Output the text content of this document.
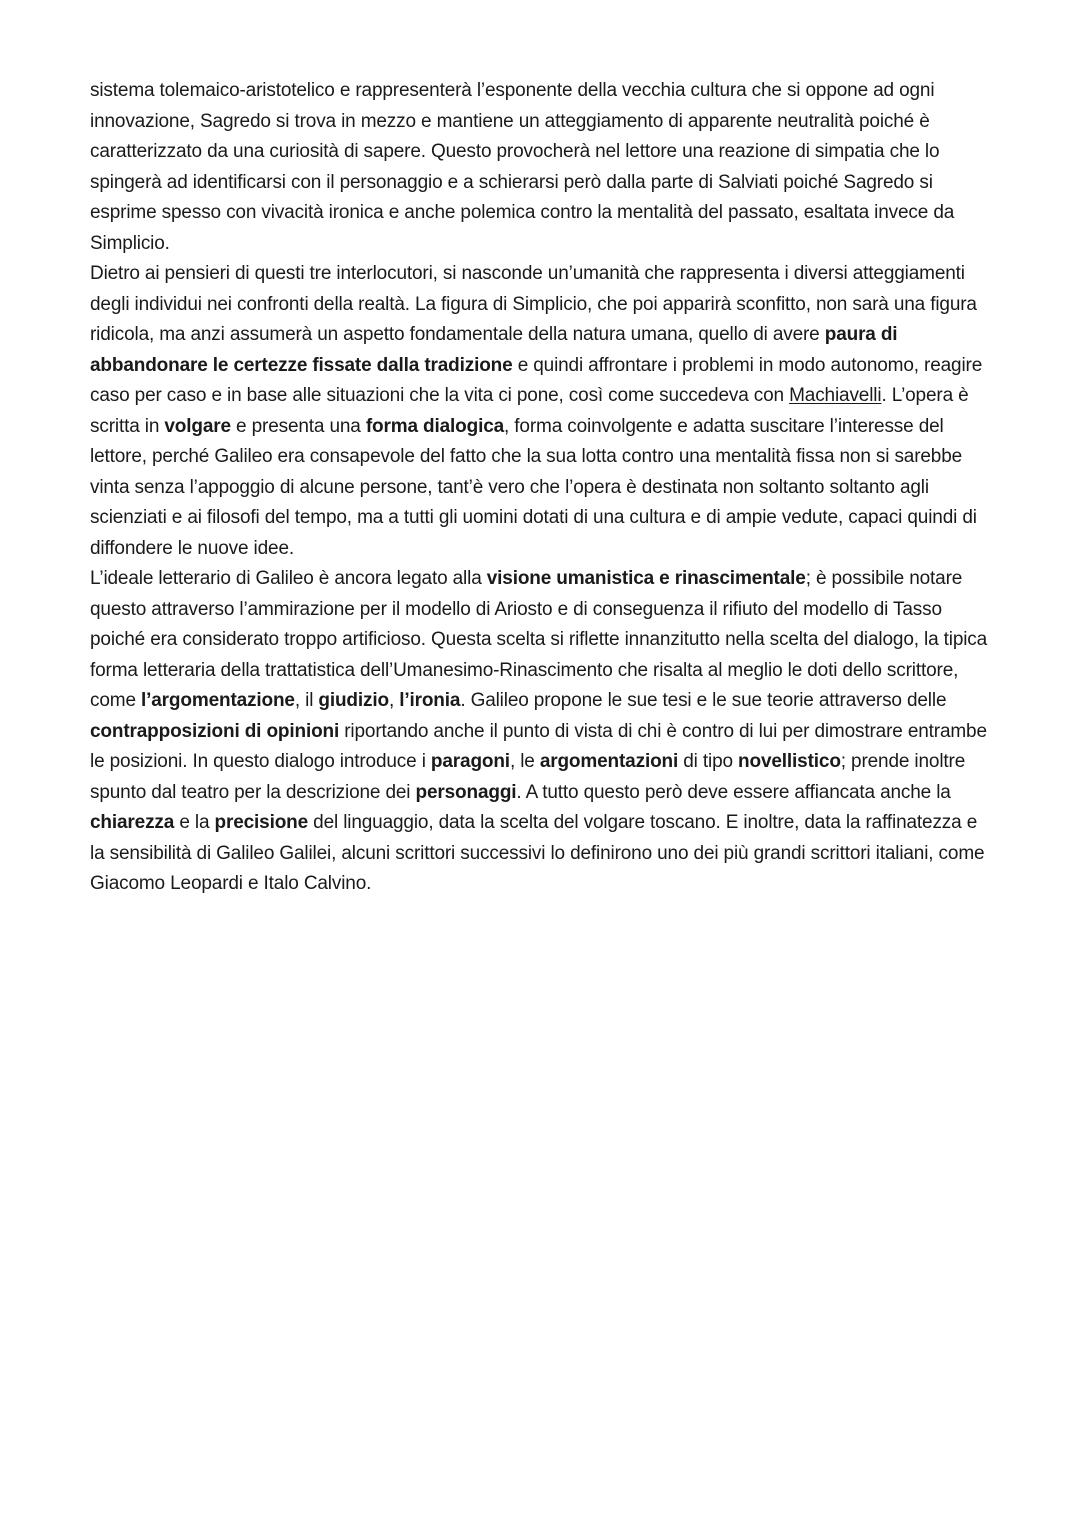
sistema tolemaico-aristotelico e rappresenterà l’esponente della vecchia cultura che si oppone ad ogni innovazione, Sagredo si trova in mezzo e mantiene un atteggiamento di apparente neutralità poiché è caratterizzato da una curiosità di sapere. Questo provocherà nel lettore una reazione di simpatia che lo spingerà ad identificarsi con il personaggio e a schierarsi però dalla parte di Salviati poiché Sagredo si esprime spesso con vivacità ironica e anche polemica contro la mentalità del passato, esaltata invece da Simplicio.

Dietro ai pensieri di questi tre interlocutori, si nasconde un’umanità che rappresenta i diversi atteggiamenti degli individui nei confronti della realtà. La figura di Simplicio, che poi apparirà sconfitto, non sarà una figura ridicola, ma anzi assumerà un aspetto fondamentale della natura umana, quello di avere paura di abbandonare le certezze fissate dalla tradizione e quindi affrontare i problemi in modo autonomo, reagire caso per caso e in base alle situazioni che la vita ci pone, così come succedeva con Machiavelli. L’opera è scritta in volgare e presenta una forma dialogica, forma coinvolgente e adatta suscitare l’interesse del lettore, perché Galileo era consapevole del fatto che la sua lotta contro una mentalità fissa non si sarebbe vinta senza l’appoggio di alcune persone, tant’è vero che l’opera è destinata non soltanto soltanto agli scienziati e ai filosofi del tempo, ma a tutti gli uomini dotati di una cultura e di ampie vedute, capaci quindi di diffondere le nuove idee.

L’ideale letterario di Galileo è ancora legato alla visione umanistica e rinascimentale; è possibile notare questo attraverso l’ammirazione per il modello di Ariosto e di conseguenza il rifiuto del modello di Tasso poiché era considerato troppo artificioso. Questa scelta si riflette innanzitutto nella scelta del dialogo, la tipica forma letteraria della trattatistica dell’Umanesimo-Rinascimento che risalta al meglio le doti dello scrittore, come l’argomentazione, il giudizio, l’ironia. Galileo propone le sue tesi e le sue teorie attraverso delle contrapposizioni di opinioni riportando anche il punto di vista di chi è contro di lui per dimostrare entrambe le posizioni. In questo dialogo introduce i paragoni, le argomentazioni di tipo novellistico; prende inoltre spunto dal teatro per la descrizione dei personaggi. A tutto questo però deve essere affiancata anche la chiarezza e la precisione del linguaggio, data la scelta del volgare toscano. E inoltre, data la raffinatezza e la sensibilità di Galileo Galilei, alcuni scrittori successivi lo definirono uno dei più grandi scrittori italiani, come Giacomo Leopardi e Italo Calvino.
